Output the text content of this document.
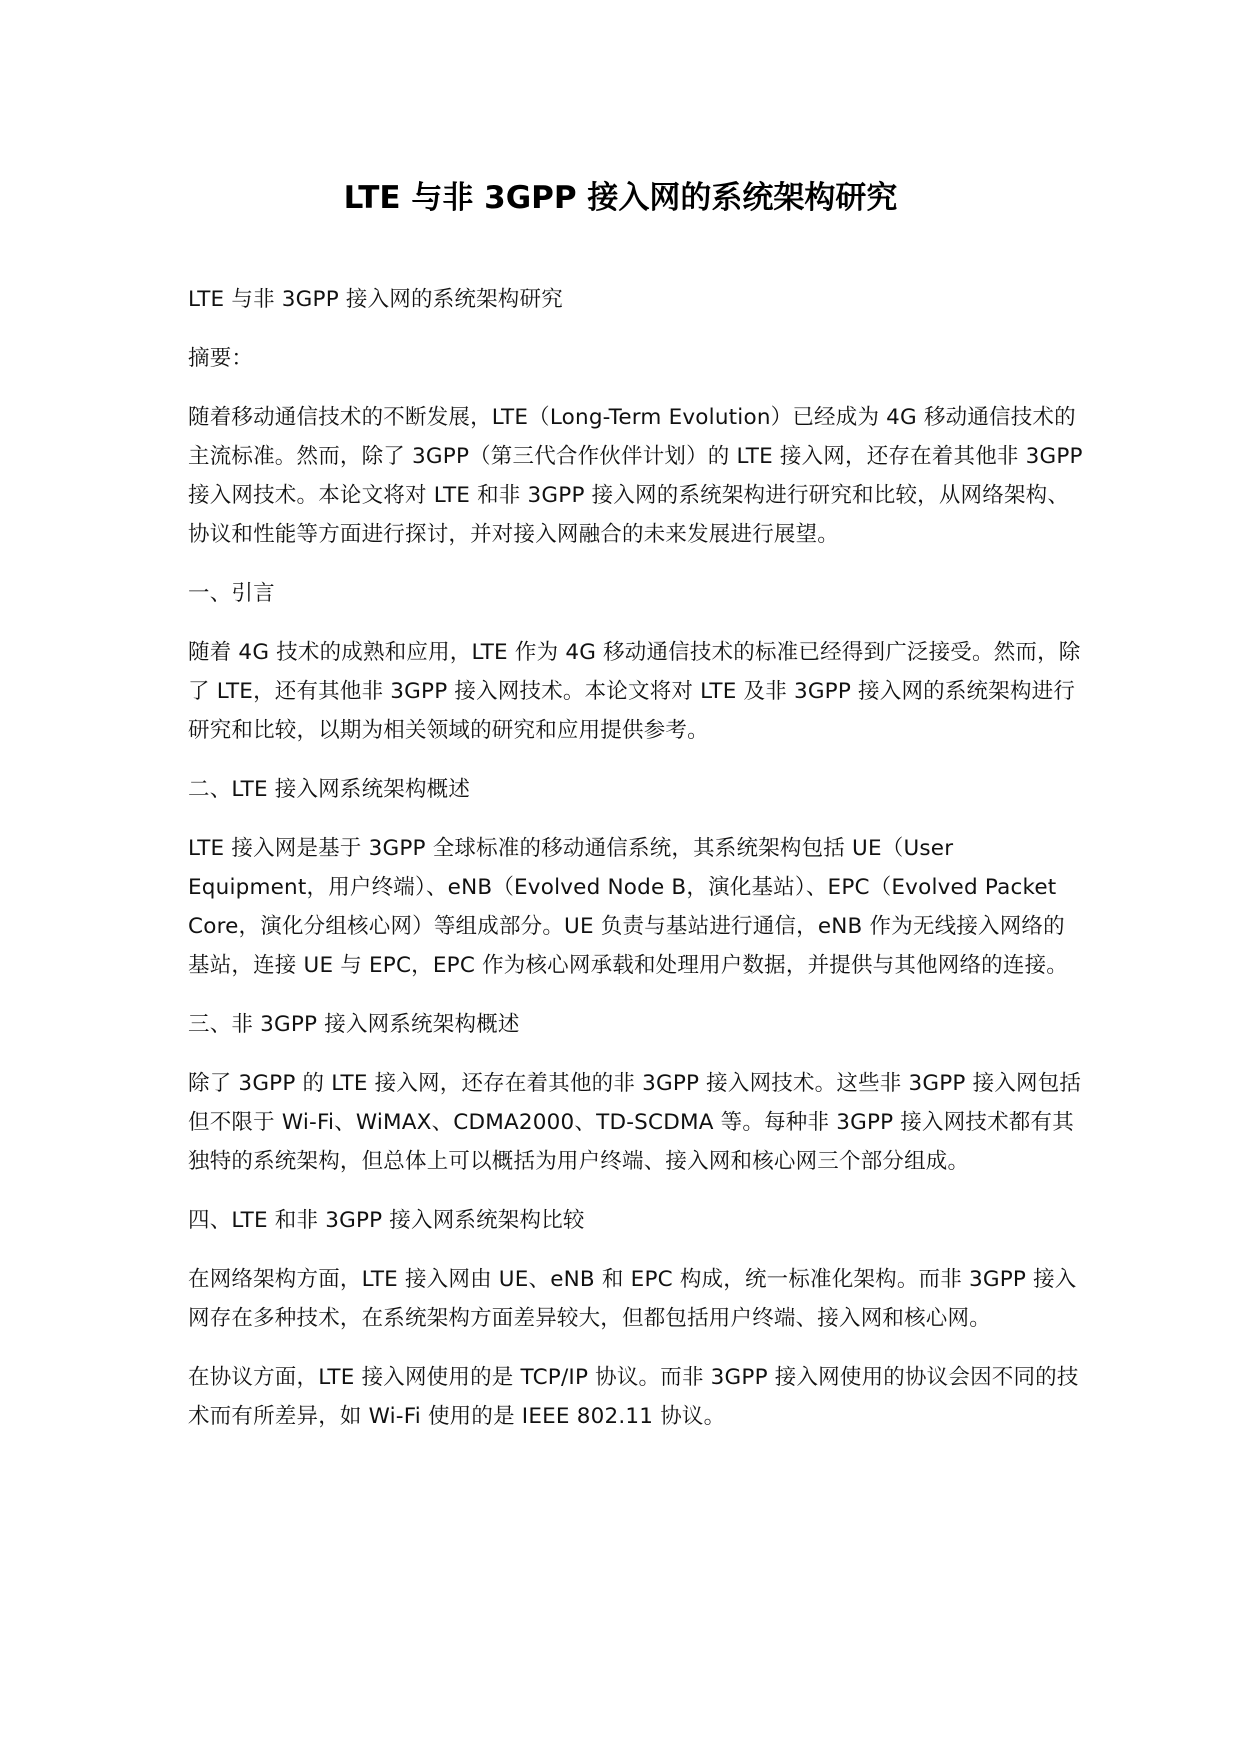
LTE 与非 3GPP 接入网的系统架构研究

LTE 与非 3GPP 接入网的系统架构研究

摘要：

随着移动通信技术的不断发展，LTE（Long-Term Evolution）已经成为 4G 移动通信技术的主流标准。然而，除了 3GPP（第三代合作伙伴计划）的 LTE 接入网，还存在着其他非 3GPP 接入网技术。本论文将对 LTE 和非 3GPP 接入网的系统架构进行研究和比较，从网络架构、协议和性能等方面进行探讨，并对接入网融合的未来发展进行展望。

一、引言

随着 4G 技术的成熟和应用，LTE 作为 4G 移动通信技术的标准已经得到广泛接受。然而，除了 LTE，还有其他非 3GPP 接入网技术。本论文将对 LTE 及非 3GPP 接入网的系统架构进行研究和比较，以期为相关领域的研究和应用提供参考。

二、LTE 接入网系统架构概述

LTE 接入网是基于 3GPP 全球标准的移动通信系统，其系统架构包括 UE（User Equipment，用户终端）、eNB（Evolved Node B，演化基站）、EPC（Evolved Packet Core，演化分组核心网）等组成部分。UE 负责与基站进行通信，eNB 作为无线接入网络的基站，连接 UE 与 EPC，EPC 作为核心网承载和处理用户数据，并提供与其他网络的连接。

三、非 3GPP 接入网系统架构概述

除了 3GPP 的 LTE 接入网，还存在着其他的非 3GPP 接入网技术。这些非 3GPP 接入网包括但不限于 Wi-Fi、WiMAX、CDMA2000、TD-SCDMA 等。每种非 3GPP 接入网技术都有其独特的系统架构，但总体上可以概括为用户终端、接入网和核心网三个部分组成。

四、LTE 和非 3GPP 接入网系统架构比较

在网络架构方面，LTE 接入网由 UE、eNB 和 EPC 构成，统一标准化架构。而非 3GPP 接入网存在多种技术，在系统架构方面差异较大，但都包括用户终端、接入网和核心网。

在协议方面，LTE 接入网使用的是 TCP/IP 协议。而非 3GPP 接入网使用的协议会因不同的技术而有所差异，如 Wi-Fi 使用的是 IEEE 802.11 协议。
